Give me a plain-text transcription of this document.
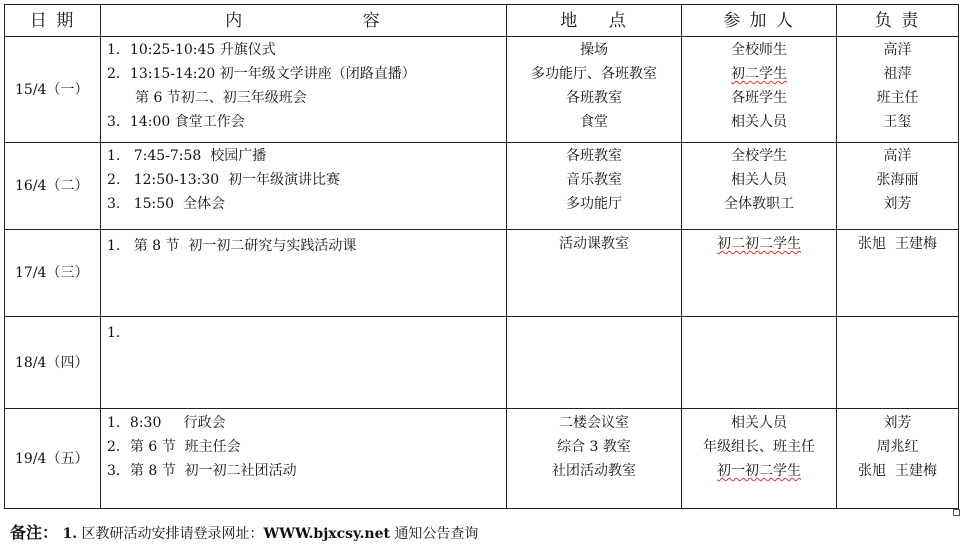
日 期	内                容	地    点	参 加 人	负 责
15/4（一）	1．10:25-10:45 升旗仪式
2．13:15-14:20 初一年级文学讲座（闭路直播）
第 6 节初二、初三年级班会
3．14:00 食堂工作会	操场
多功能厅、各班教室
各班教室
食堂	全校师生
初二学生
各班学生
相关人员	高洋
祖萍
班主任
王玺

16/4（二）	1.   7:45-7:58  校园广播
2.   12:50-13:30  初一年级演讲比赛
3.   15:50  全体会	各班教室
音乐教室
多功能厅	全校学生
相关人员
全体教职工	高洋
张海丽
刘芳

17/4（三）	1.   第 8 节  初一初二研究与实践活动课	活动课教室	初二初二学生	张旭  王建梅

18/4（四）	1.			

19/4（五）	1．8:30     行政会
2．第 6 节  班主任会
3．第 8 节  初一初二社团活动	二楼会议室
综合 3 教室
社团活动教室	相关人员
年级组长、班主任
初一初二学生	刘芳
周兆红
张旭  王建梅
备注： 1. 区教研活动安排请登录网址：WWW.bjxcsy.net 通知公告查询
